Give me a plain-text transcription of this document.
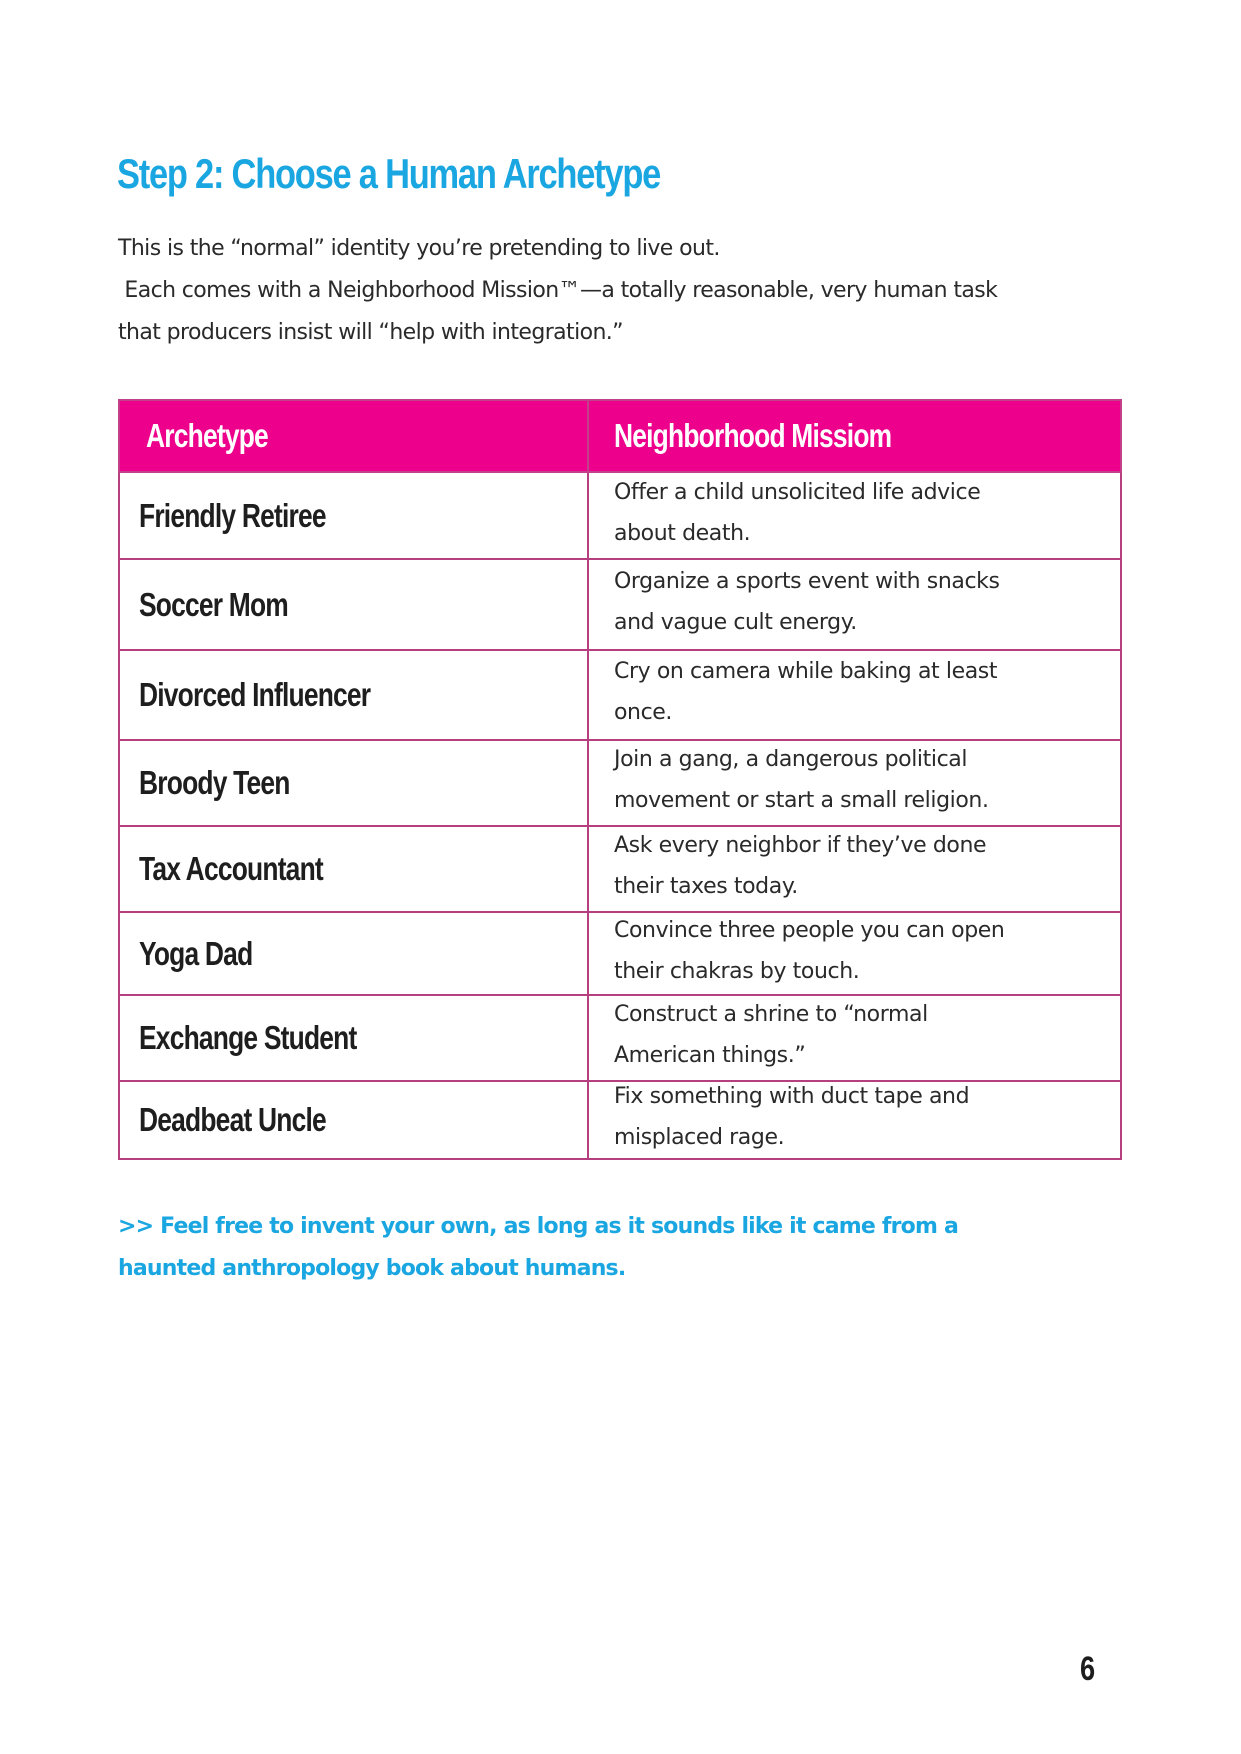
Step 2: Choose a Human Archetype

This is the “normal” identity you’re pretending to live out.
Each comes with a Neighborhood Mission™—a totally reasonable, very human task
that producers insist will “help with integration.”

Archetype	Neighborhood Missiom
Friendly Retiree	Offer a child unsolicited life advice
about death.

Soccer Mom	Organize a sports event with snacks
and vague cult energy.

Divorced Influencer	Cry on camera while baking at least
once.

Broody Teen	Join a gang, a dangerous political
movement or start a small religion.

Tax Accountant	Ask every neighbor if they’ve done
their taxes today.

Yoga Dad	Convince three people you can open
their chakras by touch.

Exchange Student	Construct a shrine to “normal
American things.”

Deadbeat Uncle	Fix something with duct tape and
misplaced rage.

>> Feel free to invent your own, as long as it sounds like it came from a
haunted anthropology book about humans.

6
